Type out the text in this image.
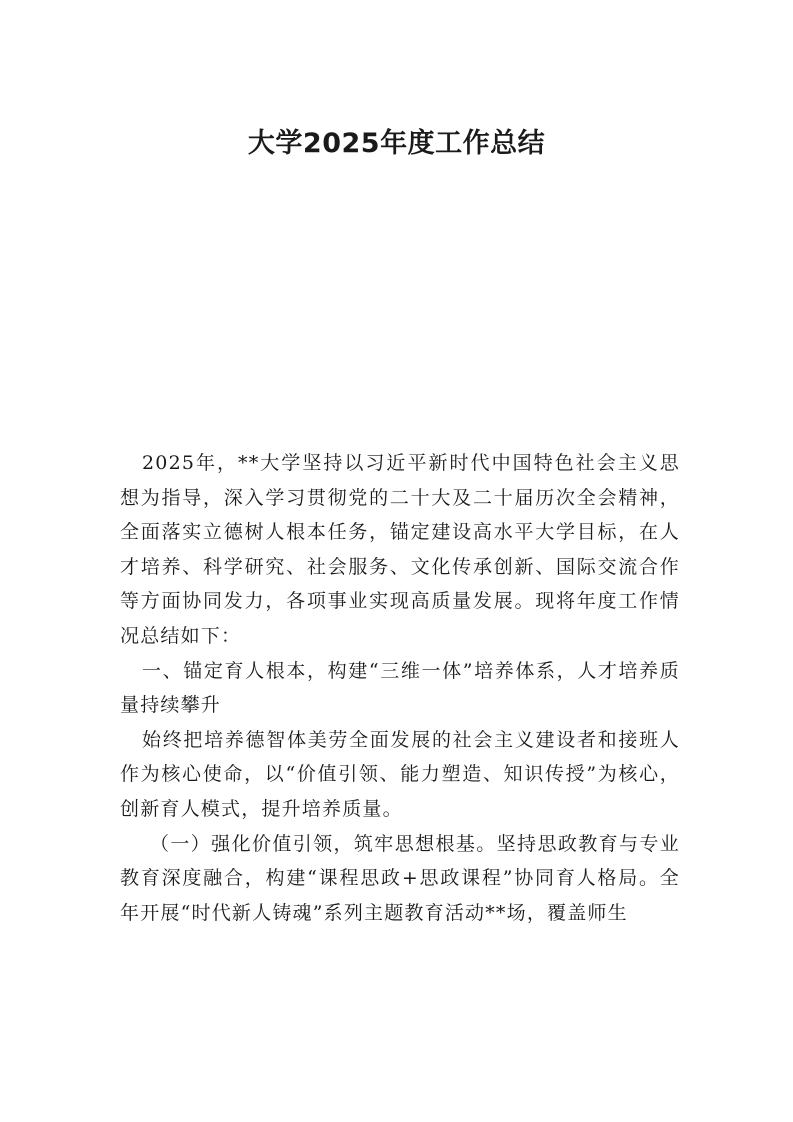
大学2025年度工作总结

2025年，**大学坚持以习近平新时代中国特色社会主义思想为指导，深入学习贯彻党的二十大及二十届历次全会精神，全面落实立德树人根本任务，锚定建设高水平大学目标，在人才培养、科学研究、社会服务、文化传承创新、国际交流合作等方面协同发力，各项事业实现高质量发展。现将年度工作情况总结如下：

一、锚定育人根本，构建“三维一体”培养体系，人才培养质量持续攀升

始终把培养德智体美劳全面发展的社会主义建设者和接班人作为核心使命，以“价值引领、能力塑造、知识传授”为核心，创新育人模式，提升培养质量。

（一）强化价值引领，筑牢思想根基。坚持思政教育与专业教育深度融合，构建“课程思政+思政课程”协同育人格局。全年开展“时代新人铸魂”系列主题教育活动**场，覆盖师生
